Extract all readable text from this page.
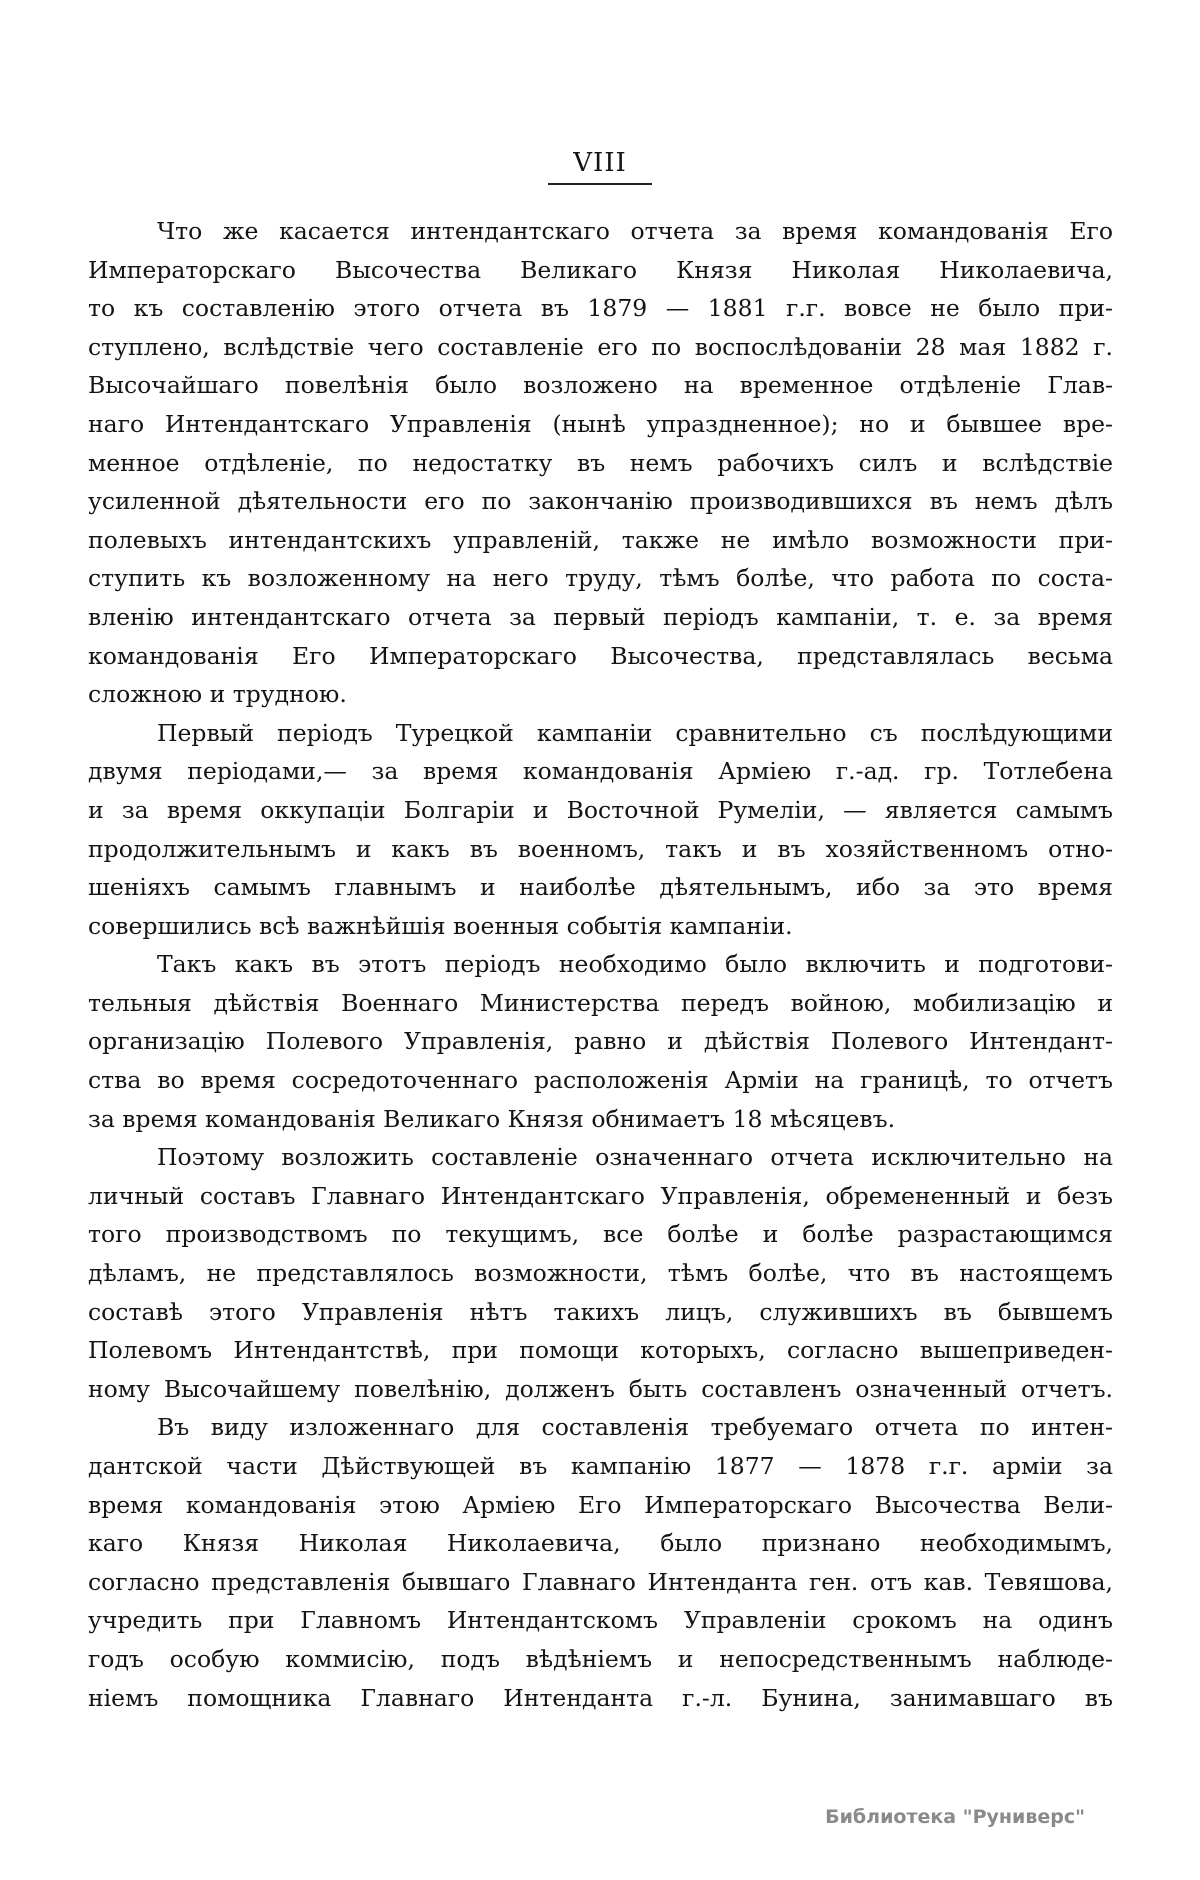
VIII

Что же касается интендантскаго отчета за время командованія Его
Императорскаго Высочества Великаго Князя Николая Николаевича,
то къ составленію этого отчета въ 1879 — 1881 г.г. вовсе не было при-
ступлено, вслѣдствіе чего составленіе его по воспослѣдованіи 28 мая 1882 г.
Высочайшаго повелѣнія было возложено на временное отдѣленіе Глав-
наго Интендантскаго Управленія (нынѣ упраздненное); но и бывшее вре-
менное отдѣленіе, по недостатку въ немъ рабочихъ силъ и вслѣдствіе
усиленной дѣятельности его по закончанію производившихся въ немъ дѣлъ
полевыхъ интендантскихъ управленій, также не имѣло возможности при-
ступить къ возложенному на него труду, тѣмъ болѣе, что работа по соста-
вленію интендантскаго отчета за первый періодъ кампаніи, т. е. за время
командованія Его Императорскаго Высочества, представлялась весьма
сложною и трудною.

Первый періодъ Турецкой кампаніи сравнительно съ послѣдующими
двумя періодами,— за время командованія Арміею г.-ад. гр. Тотлебена
и за время оккупаціи Болгаріи и Восточной Румеліи, — является самымъ
продолжительнымъ и какъ въ военномъ, такъ и въ хозяйственномъ отно-
шеніяхъ самымъ главнымъ и наиболѣе дѣятельнымъ, ибо за это время
совершились всѣ важнѣйшія военныя событія кампаніи.

Такъ какъ въ этотъ періодъ необходимо было включить и подготови-
тельныя дѣйствія Военнаго Министерства передъ войною, мобилизацію и
организацію Полевого Управленія, равно и дѣйствія Полевого Интендант-
ства во время сосредоточеннаго расположенія Арміи на границѣ, то отчетъ
за время командованія Великаго Князя обнимаетъ 18 мѣсяцевъ.

Поэтому возложить составленіе означеннаго отчета исключительно на
личный составъ Главнаго Интендантскаго Управленія, обремененный и безъ
того производствомъ по текущимъ, все болѣе и болѣе разрастающимся
дѣламъ, не представлялось возможности, тѣмъ болѣе, что въ настоящемъ
составѣ этого Управленія нѣтъ такихъ лицъ, служившихъ въ бывшемъ
Полевомъ Интендантствѣ, при помощи которыхъ, согласно вышеприведен-
ному Высочайшему повелѣнію, долженъ быть составленъ означенный отчетъ.

Въ виду изложеннаго для составленія требуемаго отчета по интен-
дантской части Дѣйствующей въ кампанію 1877 — 1878 г.г. арміи за
время командованія этою Арміею Его Императорскаго Высочества Вели-
каго Князя Николая Николаевича, было признано необходимымъ,
согласно представленія бывшаго Главнаго Интенданта ген. отъ кав. Тевяшова,
учредить при Главномъ Интендантскомъ Управленіи срокомъ на одинъ
годъ особую коммисію, подъ вѣдѣніемъ и непосредственнымъ наблюде-
ніемъ помощника Главнаго Интенданта г.-л. Бунина, занимавшаго въ

Библиотека "Руниверс"
